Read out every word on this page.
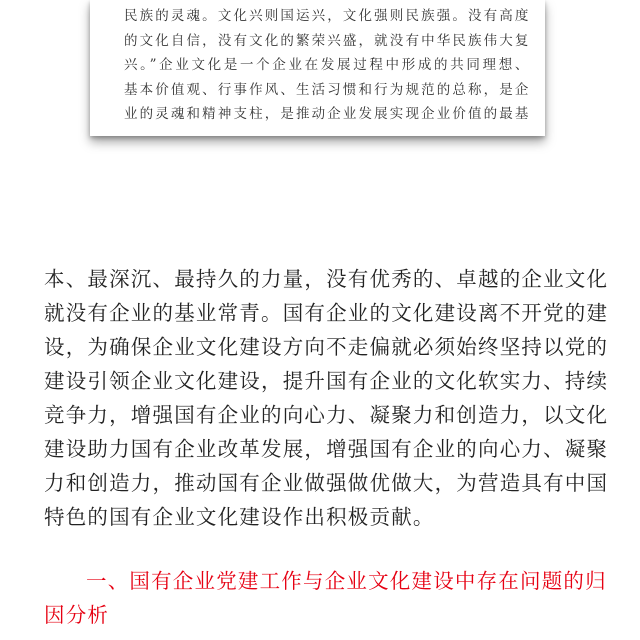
民族的灵魂。文化兴则国运兴，文化强则民族强。没有高度

的文化自信，没有文化的繁荣兴盛，就没有中华民族伟大复

兴。”企业文化是一个企业在发展过程中形成的共同理想、

基本价值观、行事作风、生活习惯和行为规范的总称，是企

业的灵魂和精神支柱，是推动企业发展实现企业价值的最基

本、最深沉、最持久的力量，没有优秀的、卓越的企业文化

就没有企业的基业常青。国有企业的文化建设离不开党的建

设，为确保企业文化建设方向不走偏就必须始终坚持以党的

建设引领企业文化建设，提升国有企业的文化软实力、持续

竞争力，增强国有企业的向心力、凝聚力和创造力，以文化

建设助力国有企业改革发展，增强国有企业的向心力、凝聚

力和创造力，推动国有企业做强做优做大，为营造具有中国

特色的国有企业文化建设作出积极贡献。

一、国有企业党建工作与企业文化建设中存在问题的归

因分析
